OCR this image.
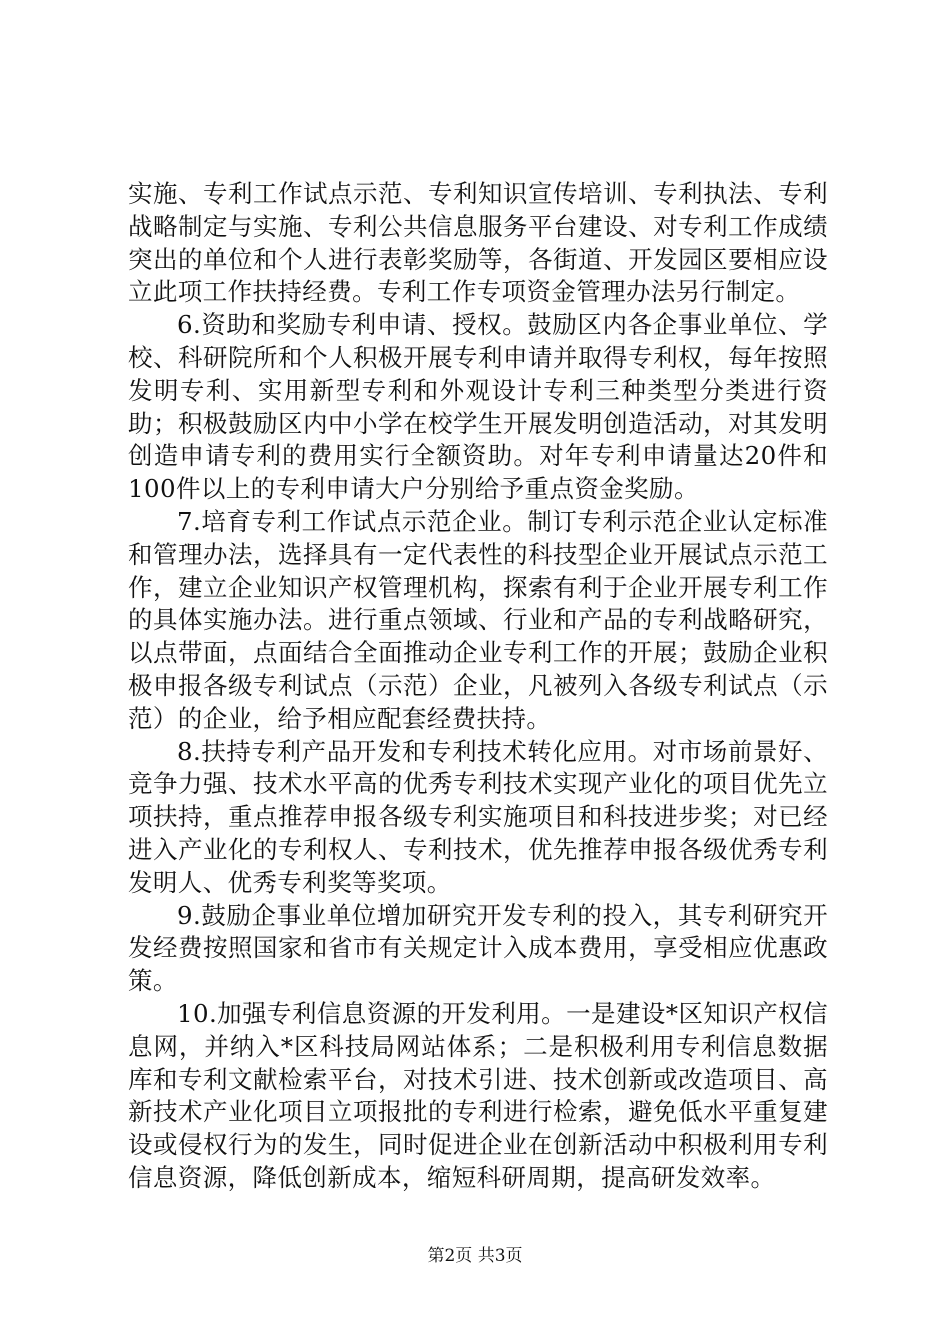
实施、专利工作试点示范、专利知识宣传培训、专利执法、专利战略制定与实施、专利公共信息服务平台建设、对专利工作成绩突出的单位和个人进行表彰奖励等，各街道、开发园区要相应设立此项工作扶持经费。专利工作专项资金管理办法另行制定。

6.资助和奖励专利申请、授权。鼓励区内各企事业单位、学校、科研院所和个人积极开展专利申请并取得专利权，每年按照发明专利、实用新型专利和外观设计专利三种类型分类进行资助；积极鼓励区内中小学在校学生开展发明创造活动，对其发明创造申请专利的费用实行全额资助。对年专利申请量达20件和100件以上的专利申请大户分别给予重点资金奖励。

7.培育专利工作试点示范企业。制订专利示范企业认定标准和管理办法，选择具有一定代表性的科技型企业开展试点示范工作，建立企业知识产权管理机构，探索有利于企业开展专利工作的具体实施办法。进行重点领域、行业和产品的专利战略研究，以点带面，点面结合全面推动企业专利工作的开展；鼓励企业积极申报各级专利试点（示范）企业，凡被列入各级专利试点（示范）的企业，给予相应配套经费扶持。

8.扶持专利产品开发和专利技术转化应用。对市场前景好、竞争力强、技术水平高的优秀专利技术实现产业化的项目优先立项扶持，重点推荐申报各级专利实施项目和科技进步奖；对已经进入产业化的专利权人、专利技术，优先推荐申报各级优秀专利发明人、优秀专利奖等奖项。

9.鼓励企事业单位增加研究开发专利的投入，其专利研究开发经费按照国家和省市有关规定计入成本费用，享受相应优惠政策。

10.加强专利信息资源的开发利用。一是建设*区知识产权信息网，并纳入*区科技局网站体系；二是积极利用专利信息数据库和专利文献检索平台，对技术引进、技术创新或改造项目、高新技术产业化项目立项报批的专利进行检索，避免低水平重复建设或侵权行为的发生，同时促进企业在创新活动中积极利用专利信息资源，降低创新成本，缩短科研周期，提高研发效率。

第2页 共3页
